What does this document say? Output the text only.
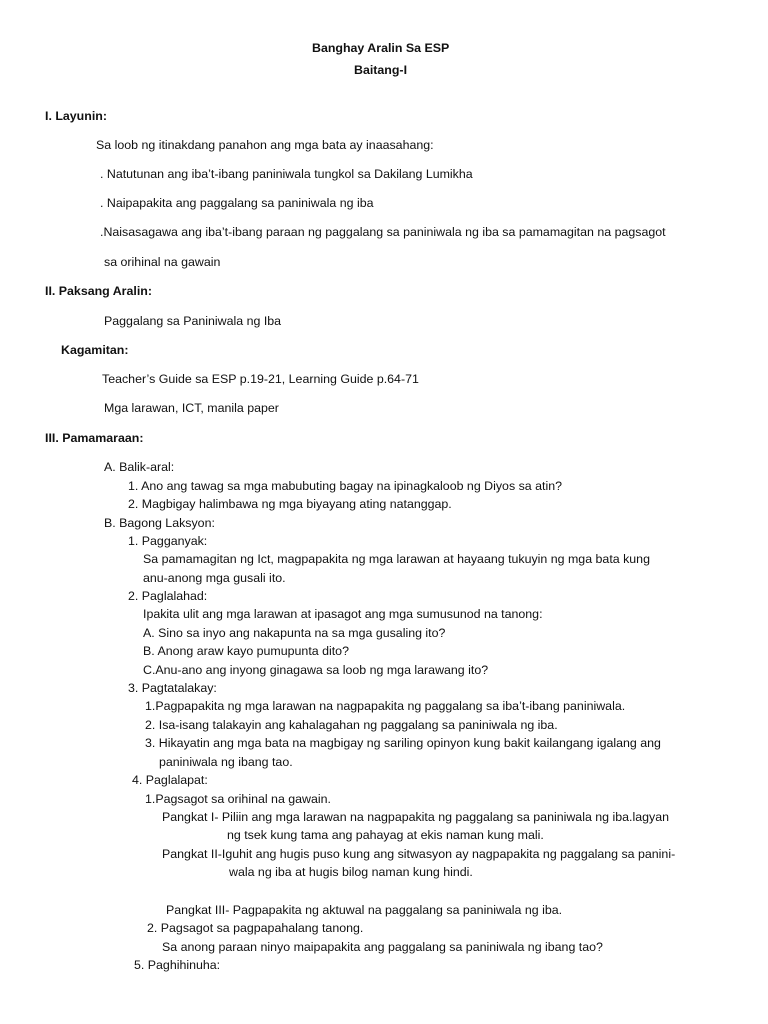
Banghay Aralin Sa ESP
Baitang-I
I. Layunin:
Sa loob ng itinakdang panahon ang mga bata ay inaasahang:
. Natutunan ang iba’t-ibang paniniwala tungkol sa Dakilang Lumikha
. Naipapakita ang paggalang sa paniniwala ng iba
.Naisasagawa ang iba’t-ibang paraan ng paggalang sa paniniwala ng iba sa pamamagitan na pagsagot
sa orihinal na gawain
II. Paksang Aralin:
Paggalang sa Paniniwala ng Iba
Kagamitan:
Teacher’s Guide sa ESP p.19-21, Learning Guide p.64-71
Mga larawan, ICT, manila paper
III. Pamamaraan:
A. Balik-aral:
1. Ano ang tawag sa mga mabubuting bagay na ipinagkaloob ng Diyos sa atin?
2. Magbigay halimbawa ng mga biyayang ating natanggap.
B. Bagong Laksyon:
1. Pagganyak:
Sa pamamagitan ng Ict, magpapakita ng mga larawan at hayaang tukuyin ng mga bata kung
anu-anong mga gusali ito.
2. Paglalahad:
Ipakita ulit ang mga larawan at ipasagot ang mga sumusunod na tanong:
A. Sino sa inyo ang nakapunta na sa mga gusaling ito?
B. Anong araw kayo pumupunta dito?
C.Anu-ano ang inyong ginagawa sa loob ng mga larawang ito?
3. Pagtatalakay:
1.Pagpapakita ng mga larawan na nagpapakita ng paggalang sa iba’t-ibang paniniwala.
2. Isa-isang talakayin ang kahalagahan ng paggalang sa paniniwala ng iba.
3. Hikayatin ang mga bata na magbigay ng sariling opinyon kung bakit kailangang igalang ang
paniniwala ng ibang tao.
4. Paglalapat:
1.Pagsagot sa orihinal na gawain.
Pangkat I- Piliin ang mga larawan na nagpapakita ng paggalang sa paniniwala ng iba.lagyan
ng tsek kung tama ang pahayag at ekis naman kung mali.
Pangkat II-Iguhit ang hugis puso kung ang sitwasyon ay nagpapakita ng paggalang sa panini-
wala ng iba at hugis bilog naman kung hindi.
Pangkat III- Pagpapakita ng aktuwal na paggalang sa paniniwala ng iba.
2. Pagsagot sa pagpapahalang tanong.
Sa anong paraan ninyo maipapakita ang paggalang sa paniniwala ng ibang tao?
5. Paghihinuha:
